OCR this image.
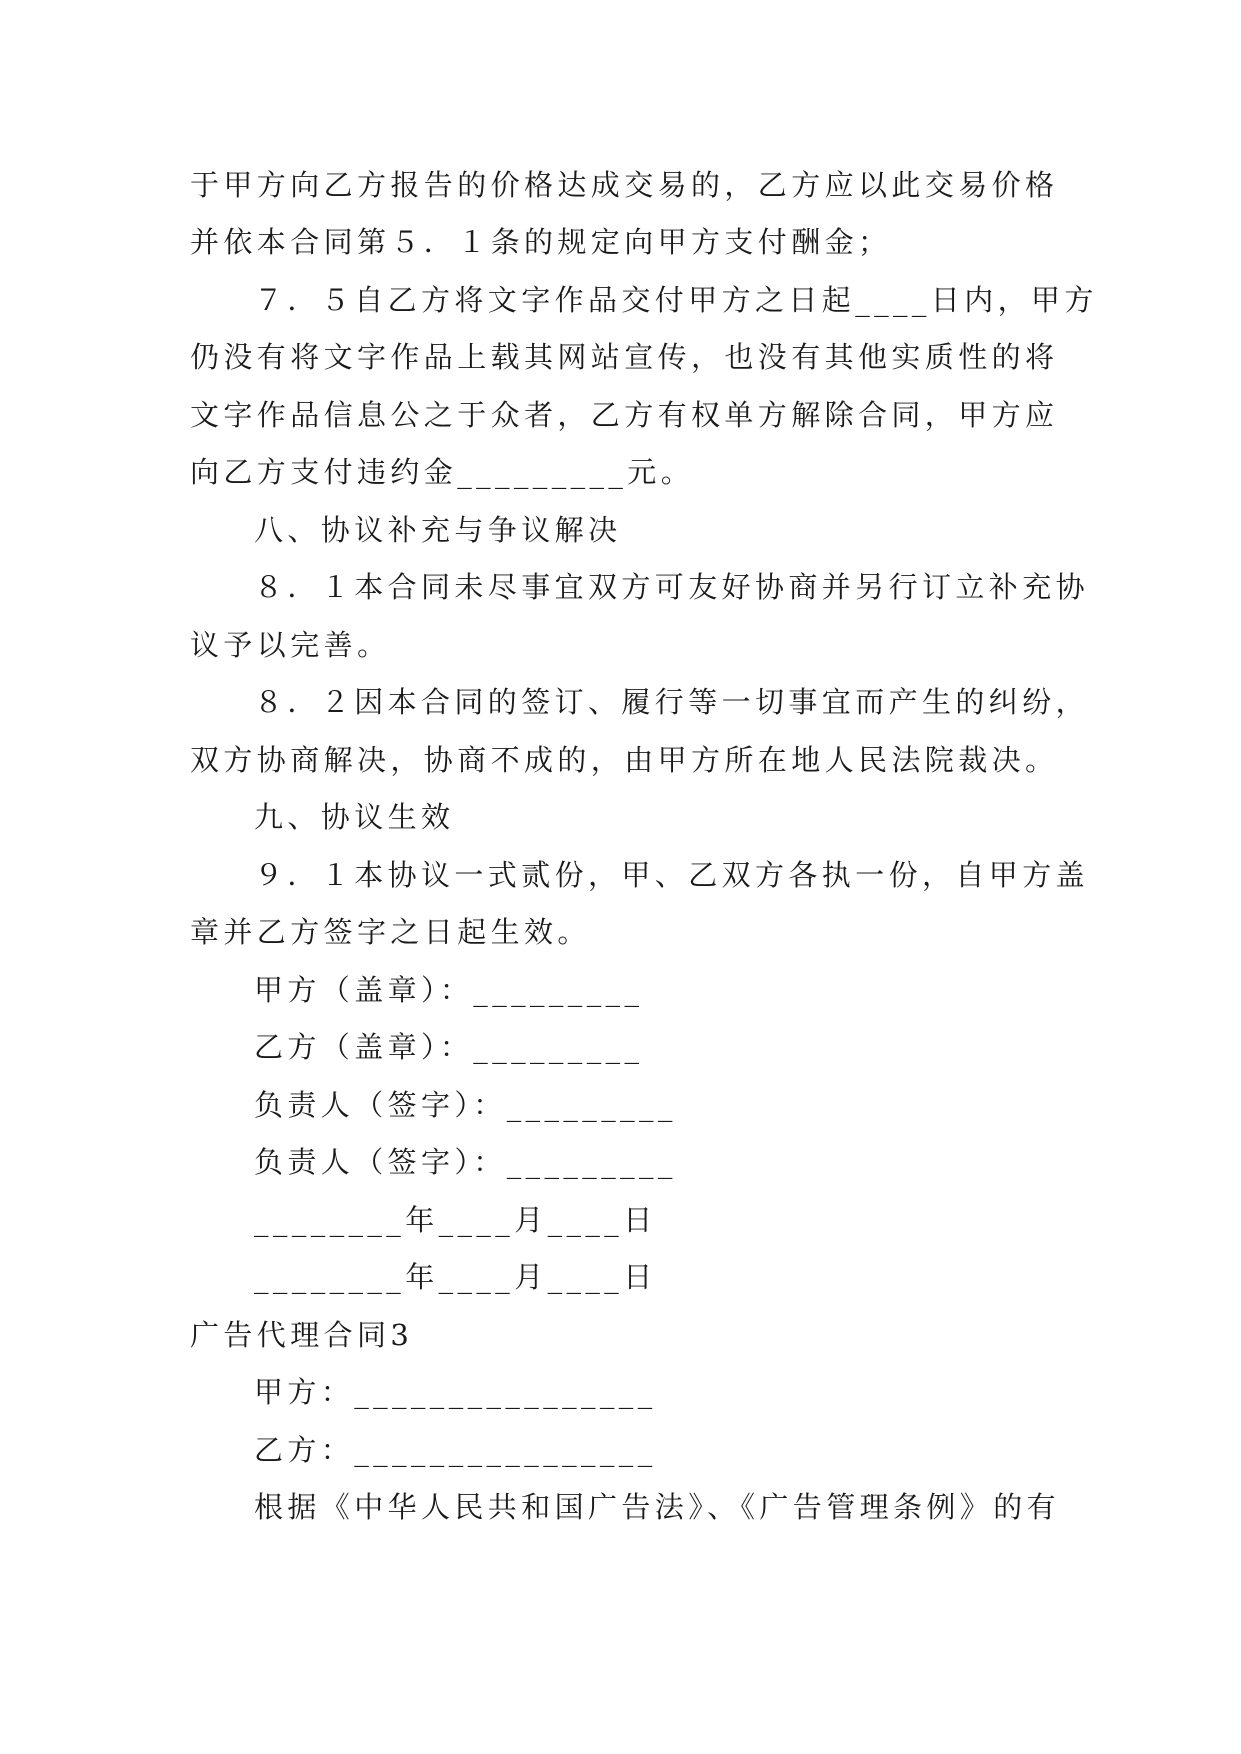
于甲方向乙方报告的价格达成交易的，乙方应以此交易价格
并依本合同第５．１条的规定向甲方支付酬金；
７．５自乙方将文字作品交付甲方之日起____日内，甲方
仍没有将文字作品上载其网站宣传，也没有其他实质性的将
文字作品信息公之于众者，乙方有权单方解除合同，甲方应
向乙方支付违约金_________元。
八、协议补充与争议解决
８．１本合同未尽事宜双方可友好协商并另行订立补充协
议予以完善。
８．２因本合同的签订、履行等一切事宜而产生的纠纷，
双方协商解决，协商不成的，由甲方所在地人民法院裁决。
九、协议生效
９．１本协议一式贰份，甲、乙双方各执一份，自甲方盖
章并乙方签字之日起生效。
甲方（盖章）：_________
乙方（盖章）：_________
负责人（签字）：_________
负责人（签字）：_________
________年____月____日
________年____月____日
广告代理合同3
甲方：________________
乙方：________________
根据《中华人民共和国广告法》、《广告管理条例》的有
